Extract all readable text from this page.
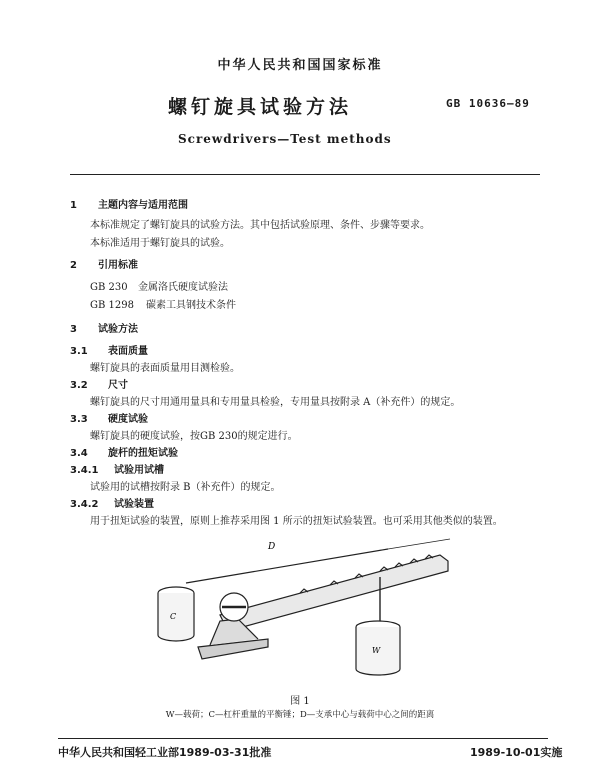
中华人民共和国国家标准
螺钉旋具试验方法	GB 10636—89
Screwdrivers—Test methods
1 主题内容与适用范围
本标准规定了螺钉旋具的试验方法。其中包括试验原理、条件、步骤等要求。
本标准适用于螺钉旋具的试验。
2 引用标准
GB 230 金属洛氏硬度试验法
GB 1298 碳素工具钢技术条件
3 试验方法
3.1 表面质量
螺钉旋具的表面质量用目测检验。
3.2 尺寸
螺钉旋具的尺寸用通用量具和专用量具检验，专用量具按附录 A（补充件）的规定。
3.3 硬度试验
螺钉旋具的硬度试验，按GB 230的规定进行。
3.4 旋杆的扭矩试验
3.4.1 试验用试槽
试验用的试槽按附录 B（补充件）的规定。
3.4.2 试验装置
用于扭矩试验的装置，原则上推荐采用图 1 所示的扭矩试验装置。也可采用其他类似的装置。
D
C
W
图 1
W—载荷；C—杠杆重量的平衡锤；D—支承中心与载荷中心之间的距离
中华人民共和国轻工业部1989-03-31批准	1989-10-01实施
